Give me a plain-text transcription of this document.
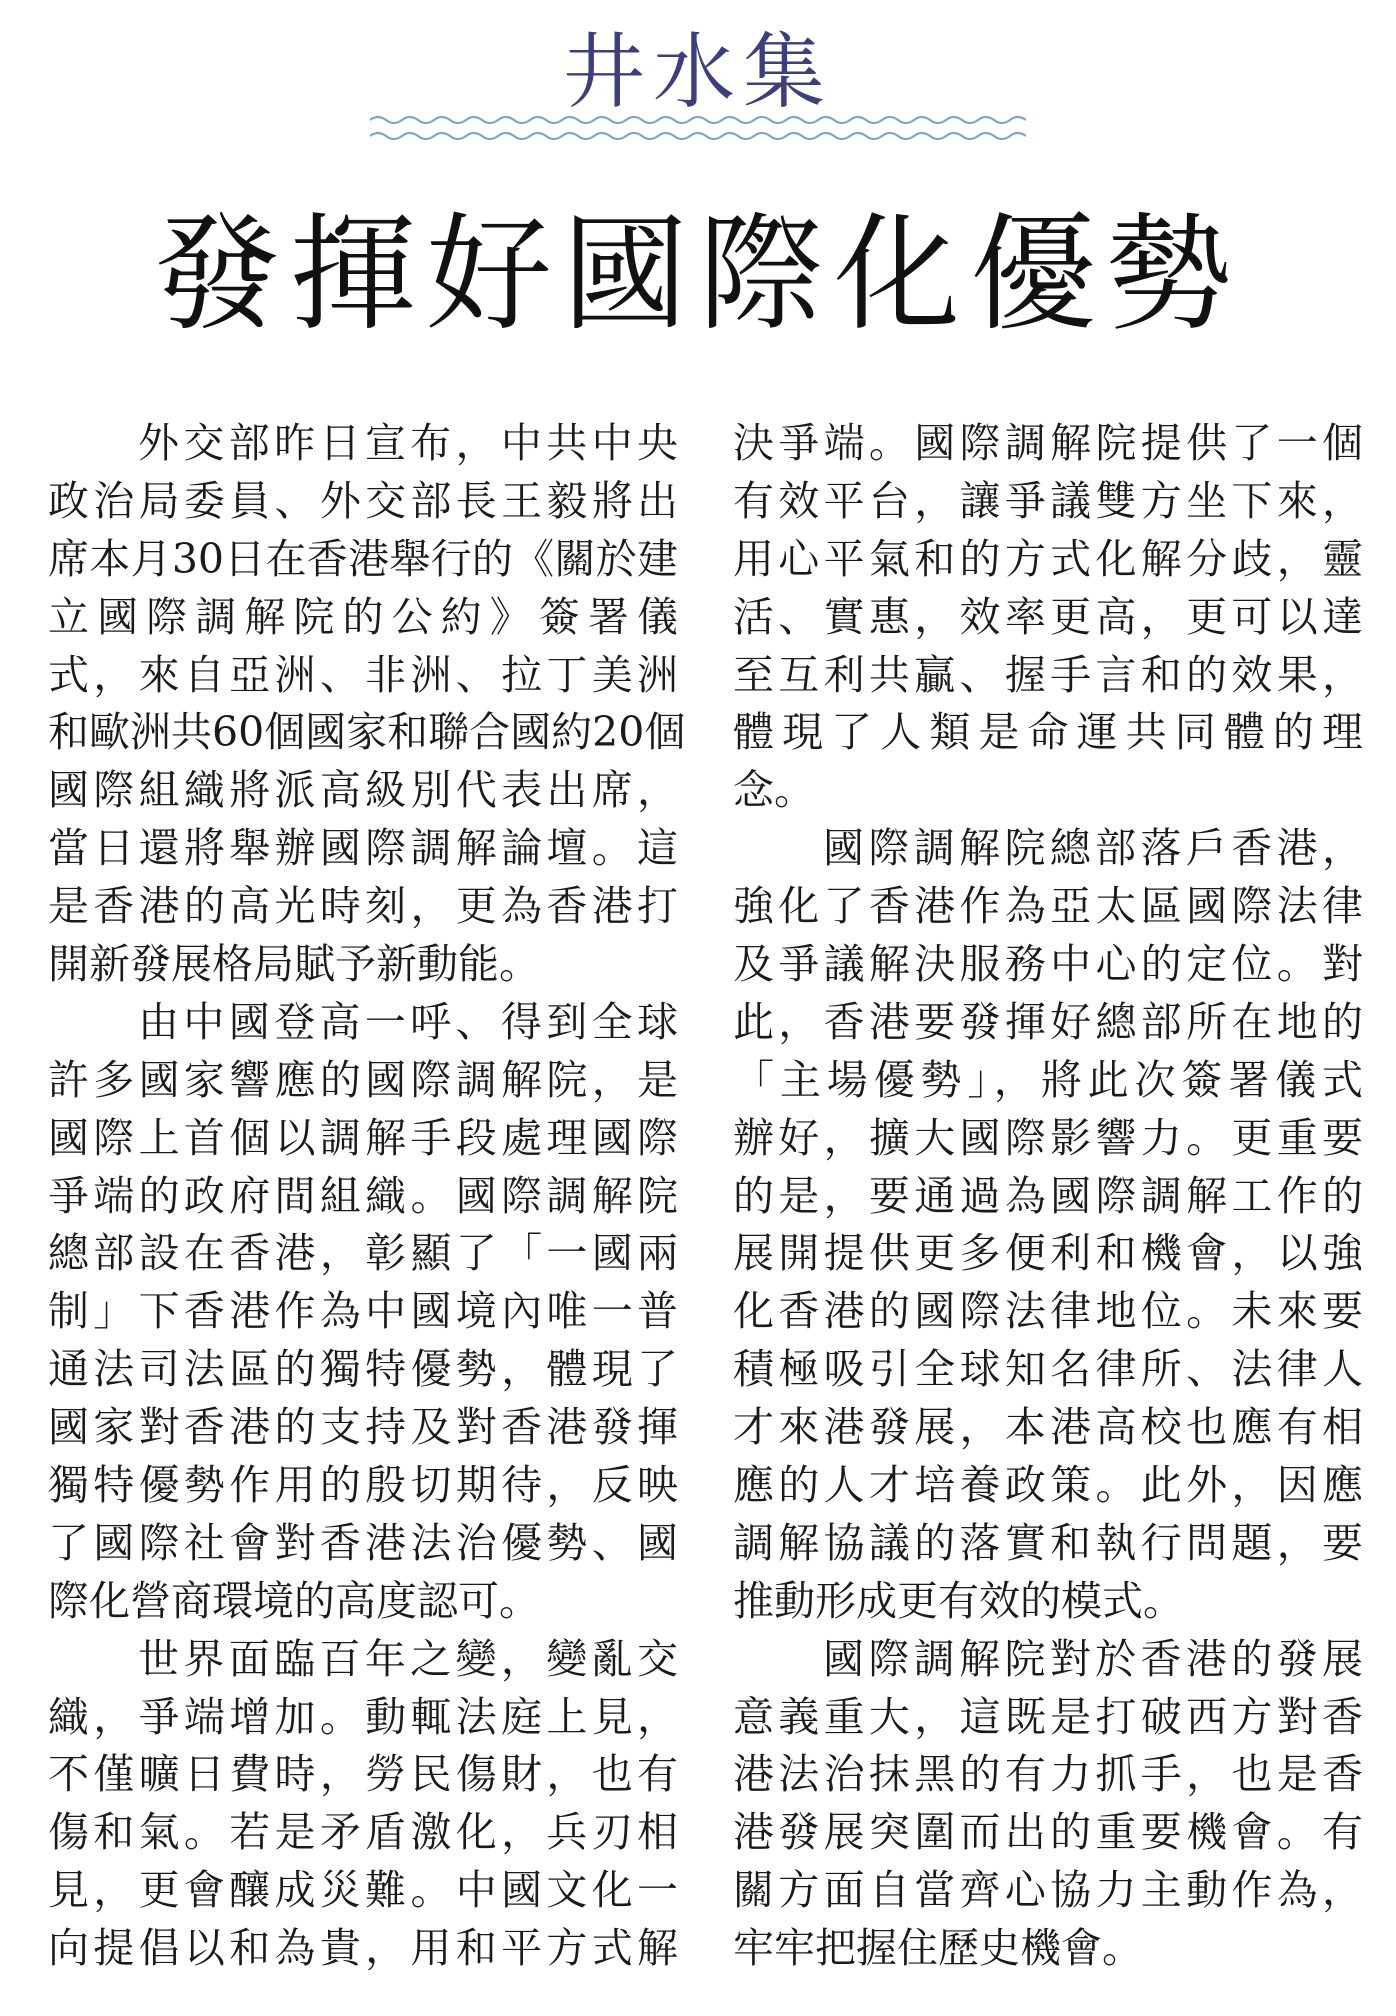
井水集
發揮好國際化優勢
外交部昨日宣布，中共中央
政治局委員、外交部長王毅將出
席本月30日在香港舉行的《關於建
立國際調解院的公約》簽署儀
式，來自亞洲、非洲、拉丁美洲
和歐洲共60個國家和聯合國約20個
國際組織將派高級別代表出席，
當日還將舉辦國際調解論壇。這
是香港的高光時刻，更為香港打
開新發展格局賦予新動能。
由中國登高一呼、得到全球
許多國家響應的國際調解院，是
國際上首個以調解手段處理國際
爭端的政府間組織。國際調解院
總部設在香港，彰顯了「一國兩
制」下香港作為中國境內唯一普
通法司法區的獨特優勢，體現了
國家對香港的支持及對香港發揮
獨特優勢作用的殷切期待，反映
了國際社會對香港法治優勢、國
際化營商環境的高度認可。
世界面臨百年之變，變亂交
織，爭端增加。動輒法庭上見，
不僅曠日費時，勞民傷財，也有
傷和氣。若是矛盾激化，兵刃相
見，更會釀成災難。中國文化一
向提倡以和為貴，用和平方式解
決爭端。國際調解院提供了一個
有效平台，讓爭議雙方坐下來，
用心平氣和的方式化解分歧，靈
活、實惠，效率更高，更可以達
至互利共贏、握手言和的效果，
體現了人類是命運共同體的理
念。
國際調解院總部落戶香港，
強化了香港作為亞太區國際法律
及爭議解決服務中心的定位。對
此，香港要發揮好總部所在地的
「主場優勢」，將此次簽署儀式
辦好，擴大國際影響力。更重要
的是，要通過為國際調解工作的
展開提供更多便利和機會，以強
化香港的國際法律地位。未來要
積極吸引全球知名律所、法律人
才來港發展，本港高校也應有相
應的人才培養政策。此外，因應
調解協議的落實和執行問題，要
推動形成更有效的模式。
國際調解院對於香港的發展
意義重大，這既是打破西方對香
港法治抹黑的有力抓手，也是香
港發展突圍而出的重要機會。有
關方面自當齊心協力主動作為，
牢牢把握住歷史機會。
